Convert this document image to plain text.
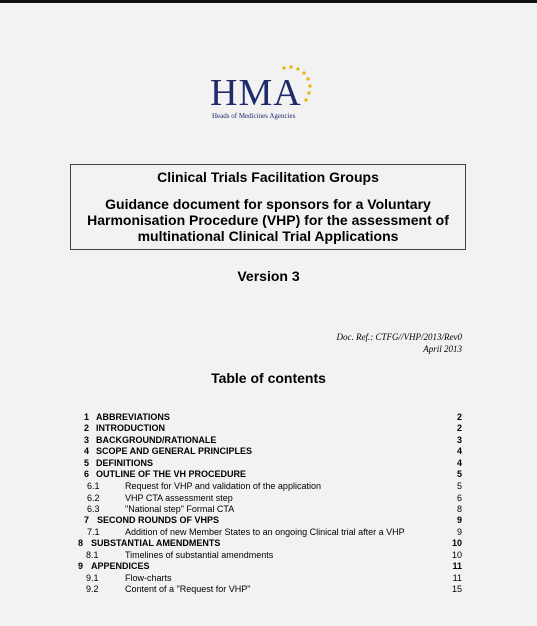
HMA
Heads of Medicines Agencies
Clinical Trials Facilitation Groups
Guidance document for sponsors for a Voluntary Harmonisation Procedure (VHP) for the assessment of multinational Clinical Trial Applications
Version 3
Doc. Ref.: CTFG//VHP/2013/Rev0
April 2013
Table of contents
1 ABBREVIATIONS	2
2 INTRODUCTION	2
3 BACKGROUND/RATIONALE	3
4 SCOPE AND GENERAL PRINCIPLES	4
5 DEFINITIONS	4
6 OUTLINE OF THE VH PROCEDURE	5
6.1	Request for VHP and validation of the application	5
6.2	VHP CTA assessment step	6
6.3	"National step" Formal CTA	8
7 SECOND ROUNDS OF VHPS	9
7.1	Addition of new Member States to an ongoing Clinical trial after a VHP	9
8 SUBSTANTIAL AMENDMENTS	10
8.1	Timelines of substantial amendments	10
9 APPENDICES	11
9.1	Flow-charts	11
9.2	Content of a "Request for VHP"	15
